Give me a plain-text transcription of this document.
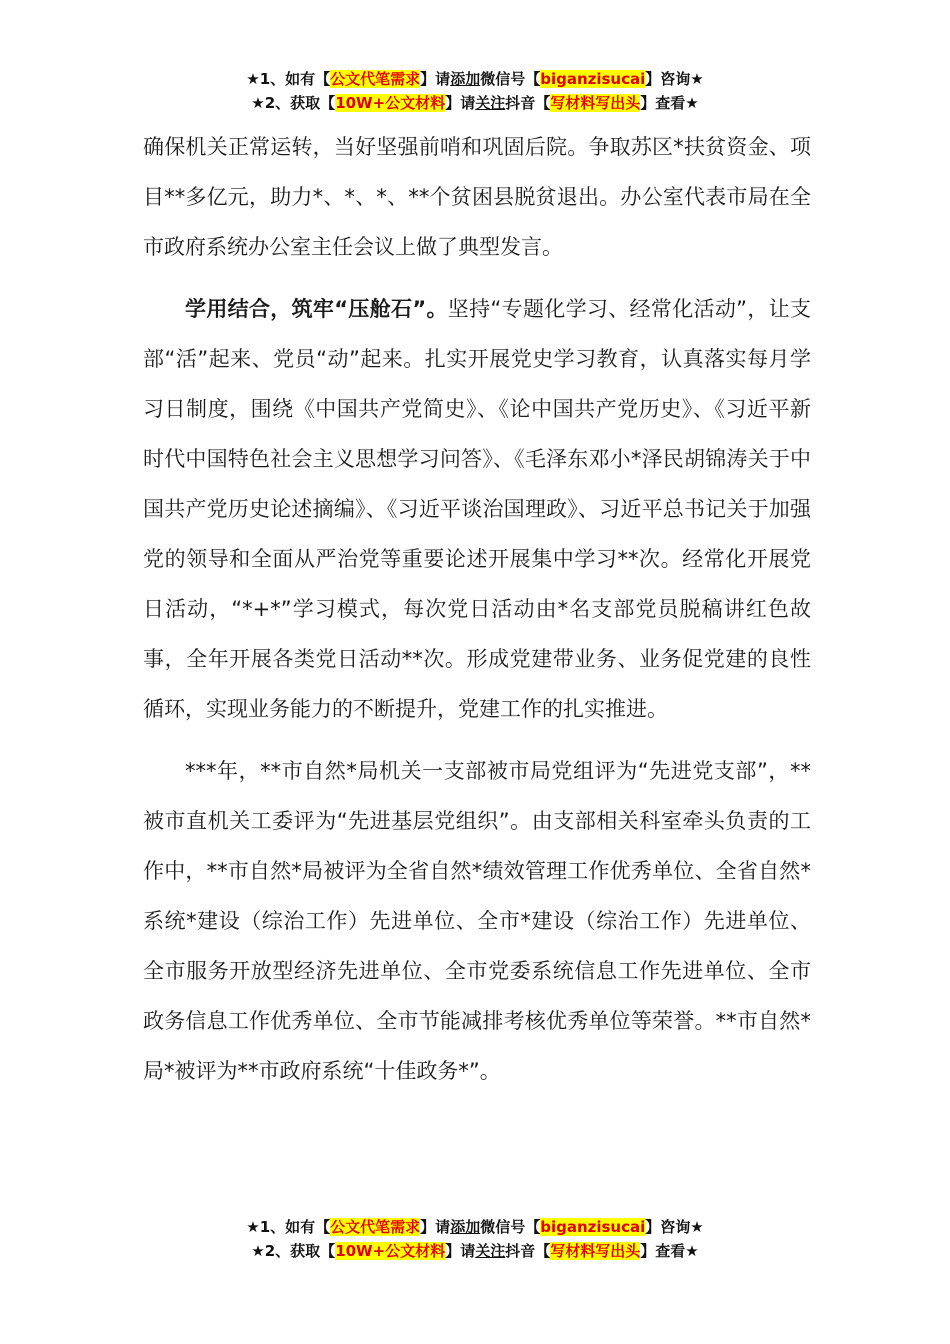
★1、如有【公文代笔需求】请添加微信号【biganzisucai】咨询★
★2、获取【10W+公文材料】请关注抖音【写材料写出头】查看★

确保机关正常运转，当好坚强前哨和巩固后院。争取苏区*扶贫资金、项目**多亿元，助力*、*、*、**个贫困县脱贫退出。办公室代表市局在全市政府系统办公室主任会议上做了典型发言。

学用结合，筑牢“压舱石”。坚持“专题化学习、经常化活动”，让支部“活”起来、党员“动”起来。扎实开展党史学习教育，认真落实每月学习日制度，围绕《中国共产党简史》、《论中国共产党历史》、《习近平新时代中国特色社会主义思想学习问答》、《毛泽东邓小*泽民胡锦涛关于中国共产党历史论述摘编》、《习近平谈治国理政》、习近平总书记关于加强党的领导和全面从严治党等重要论述开展集中学习**次。经常化开展党日活动，“*+*”学习模式，每次党日活动由*名支部党员脱稿讲红色故事，全年开展各类党日活动**次。形成党建带业务、业务促党建的良性循环，实现业务能力的不断提升，党建工作的扎实推进。

***年，**市自然*局机关一支部被市局党组评为“先进党支部”，**被市直机关工委评为“先进基层党组织”。由支部相关科室牵头负责的工作中，**市自然*局被评为全省自然*绩效管理工作优秀单位、全省自然*系统*建设（综治工作）先进单位、全市*建设（综治工作）先进单位、全市服务开放型经济先进单位、全市党委系统信息工作先进单位、全市政务信息工作优秀单位、全市节能减排考核优秀单位等荣誉。**市自然*局*被评为**市政府系统“十佳政务*”。

★1、如有【公文代笔需求】请添加微信号【biganzisucai】咨询★
★2、获取【10W+公文材料】请关注抖音【写材料写出头】查看★
